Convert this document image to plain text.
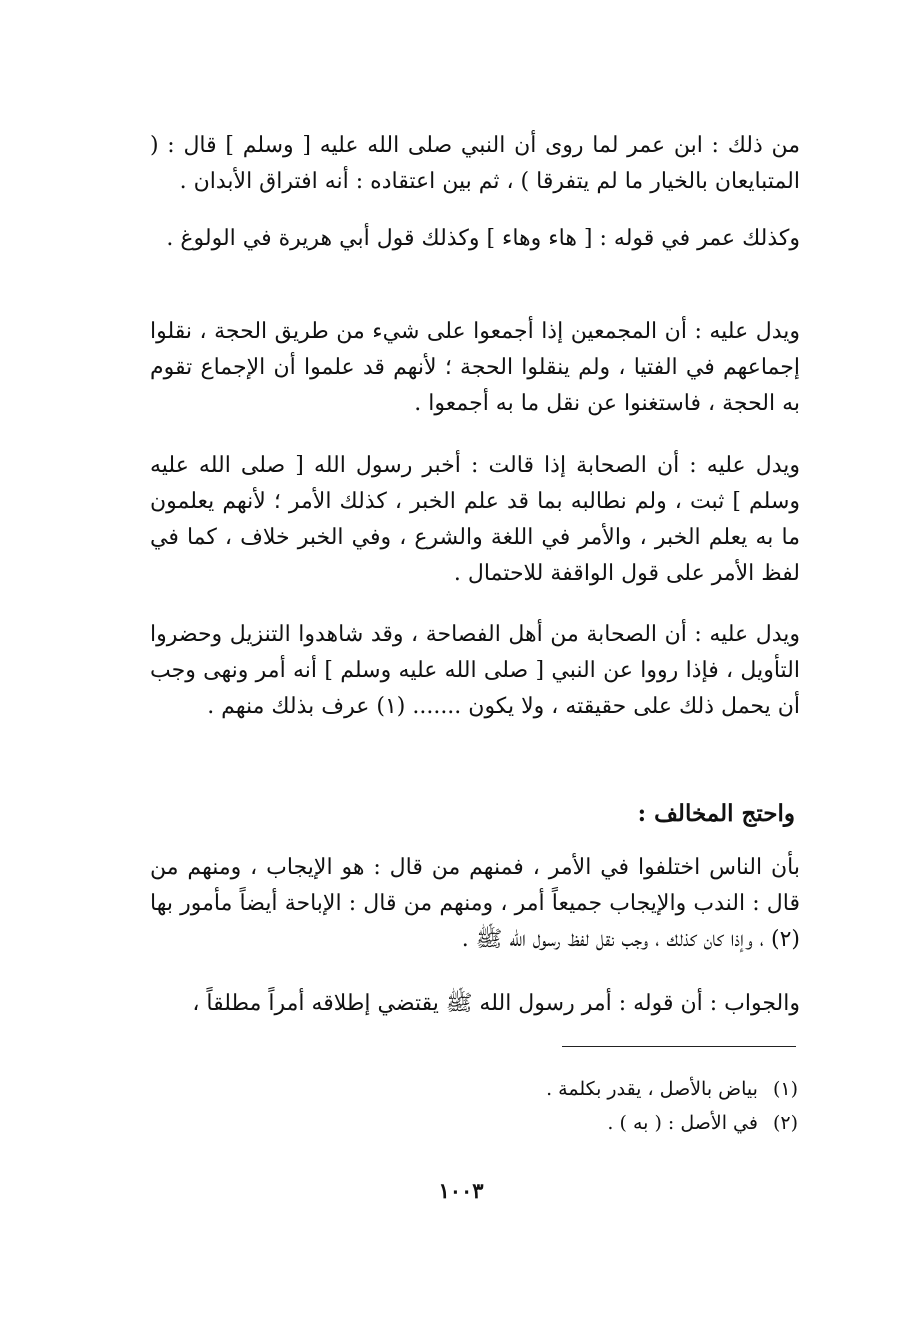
من ذلك : ابن عمر لما روى أن النبي صلى الله عليه [ وسلم ] قال : ( المتبايعان بالخيار ما لم يتفرقا ) ، ثم بين اعتقاده : أنه افتراق الأبدان .

وكذلك عمر في قوله : [ هاء وهاء ] وكذلك قول أبي هريرة في الولوغ .

ويدل عليه : أن المجمعين إذا أجمعوا على شيء من طريق الحجة ، نقلوا إجماعهم في الفتيا ، ولم ينقلوا الحجة ؛ لأنهم قد علموا أن الإجماع تقوم به الحجة ، فاستغنوا عن نقل ما به أجمعوا .

ويدل عليه : أن الصحابة إذا قالت : أخبر رسول الله [ صلى الله عليه وسلم ] ثبت ، ولم نطالبه بما قد علم الخبر ، كذلك الأمر ؛ لأنهم يعلمون ما به يعلم الخبر ، والأمر في اللغة والشرع ، وفي الخبر خلاف ، كما في لفظ الأمر على قول الواقفة للاحتمال .

ويدل عليه : أن الصحابة من أهل الفصاحة ، وقد شاهدوا التنزيل وحضروا التأويل ، فإذا رووا عن النبي [ صلى الله عليه وسلم ] أنه أمر ونهى وجب أن يحمل ذلك على حقيقته ، ولا يكون ....... (١) عرف بذلك منهم .

واحتج المخالف :

بأن الناس اختلفوا في الأمر ، فمنهم من قال : هو الإيجاب ، ومنهم من قال : الندب والإيجاب جميعاً أمر ، ومنهم من قال : الإباحة أيضاً مأمور بها (٢) ، وإذا كان كذلك ، وجب نقل لفظ رسول الله ﷺ .

والجواب : أن قوله : أمر رسول الله ﷺ يقتضي إطلاقه أمراً مطلقاً ،

(١) بياض بالأصل ، يقدر بكلمة .
(٢) في الأصل : ( به ) .
١٠٠٣
